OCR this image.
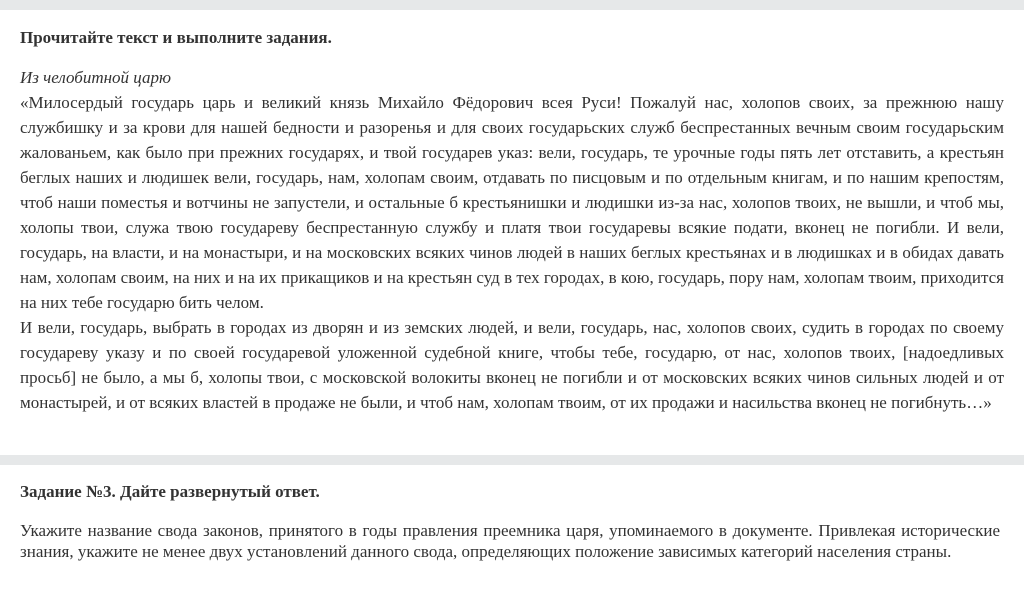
Прочитайте текст и выполните задания.
Из челобитной царю

«Милосердый государь царь и великий князь Михайло Фёдорович всея Руси! Пожалуй нас, холопов своих, за прежнюю нашу службишку и за крови для нашей бедности и разоренья и для своих государьских служб беспрестанных вечным своим государьским жалованьем, как было при прежних государях, и твой государев указ: вели, государь, те урочные годы пять лет отставить, а крестьян беглых наших и людишек вели, государь, нам, холопам своим, отдавать по писцовым и по отдельным книгам, и по нашим крепостям, чтоб наши поместья и вотчины не запустели, и остальные б крестьянишки и людишки из-за нас, холопов твоих, не вышли, и чтоб мы, холопы твои, служа твою государеву беспрестанную службу и платя твои государевы всякие подати, вконец не погибли. И вели, государь, на власти, и на монастыри, и на московских всяких чинов людей в наших беглых крестьянах и в людишках и в обидах давать нам, холопам своим, на них и на их прикащиков и на крестьян суд в тех городах, в кою, государь, пору нам, холопам твоим, приходится на них тебе государю бить челом.

И вели, государь, выбрать в городах из дворян и из земских людей, и вели, государь, нас, холопов своих, судить в городах по своему государеву указу и по своей государевой уложенной судебной книге, чтобы тебе, государю, от нас, холопов твоих, [надоедливых просьб] не было, а мы б, холопы твои, с московской волокиты вконец не погибли и от московских всяких чинов сильных людей и от монастырей, и от всяких властей в продаже не были, и чтоб нам, холопам твоим, от их продажи и насильства вконец не погибнуть…»

Задание №3. Дайте развернутый ответ.
Укажите название свода законов, принятого в годы правления преемника царя, упоминаемого в документе. Привлекая исторические знания, укажите не менее двух установлений данного свода, определяющих положение зависимых категорий населения страны.
